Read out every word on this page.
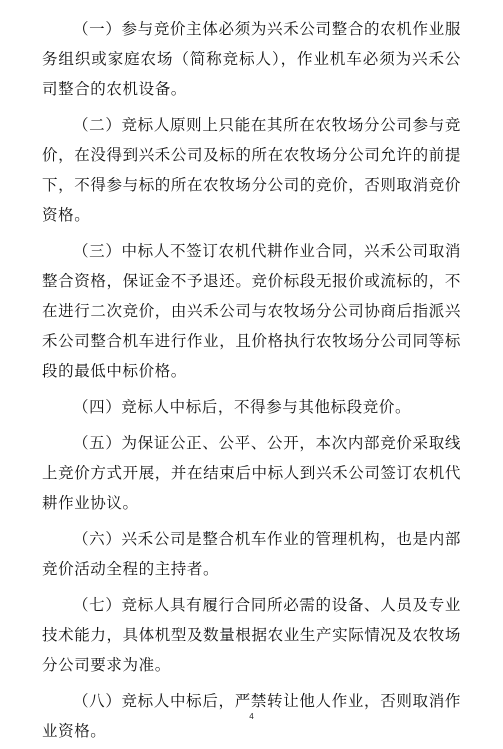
（一）参与竞价主体必须为兴禾公司整合的农机作业服务组织或家庭农场（简称竞标人），作业机车必须为兴禾公司整合的农机设备。

（二）竞标人原则上只能在其所在农牧场分公司参与竞价，在没得到兴禾公司及标的所在农牧场分公司允许的前提下，不得参与标的所在农牧场分公司的竞价，否则取消竞价资格。

（三）中标人不签订农机代耕作业合同，兴禾公司取消整合资格，保证金不予退还。竞价标段无报价或流标的，不在进行二次竞价，由兴禾公司与农牧场分公司协商后指派兴禾公司整合机车进行作业，且价格执行农牧场分公司同等标段的最低中标价格。

（四）竞标人中标后，不得参与其他标段竞价。

（五）为保证公正、公平、公开，本次内部竞价采取线上竞价方式开展，并在结束后中标人到兴禾公司签订农机代耕作业协议。

（六）兴禾公司是整合机车作业的管理机构，也是内部竞价活动全程的主持者。

（七）竞标人具有履行合同所必需的设备、人员及专业技术能力，具体机型及数量根据农业生产实际情况及农牧场分公司要求为准。

（八）竞标人中标后，严禁转让他人作业，否则取消作业资格。

4
